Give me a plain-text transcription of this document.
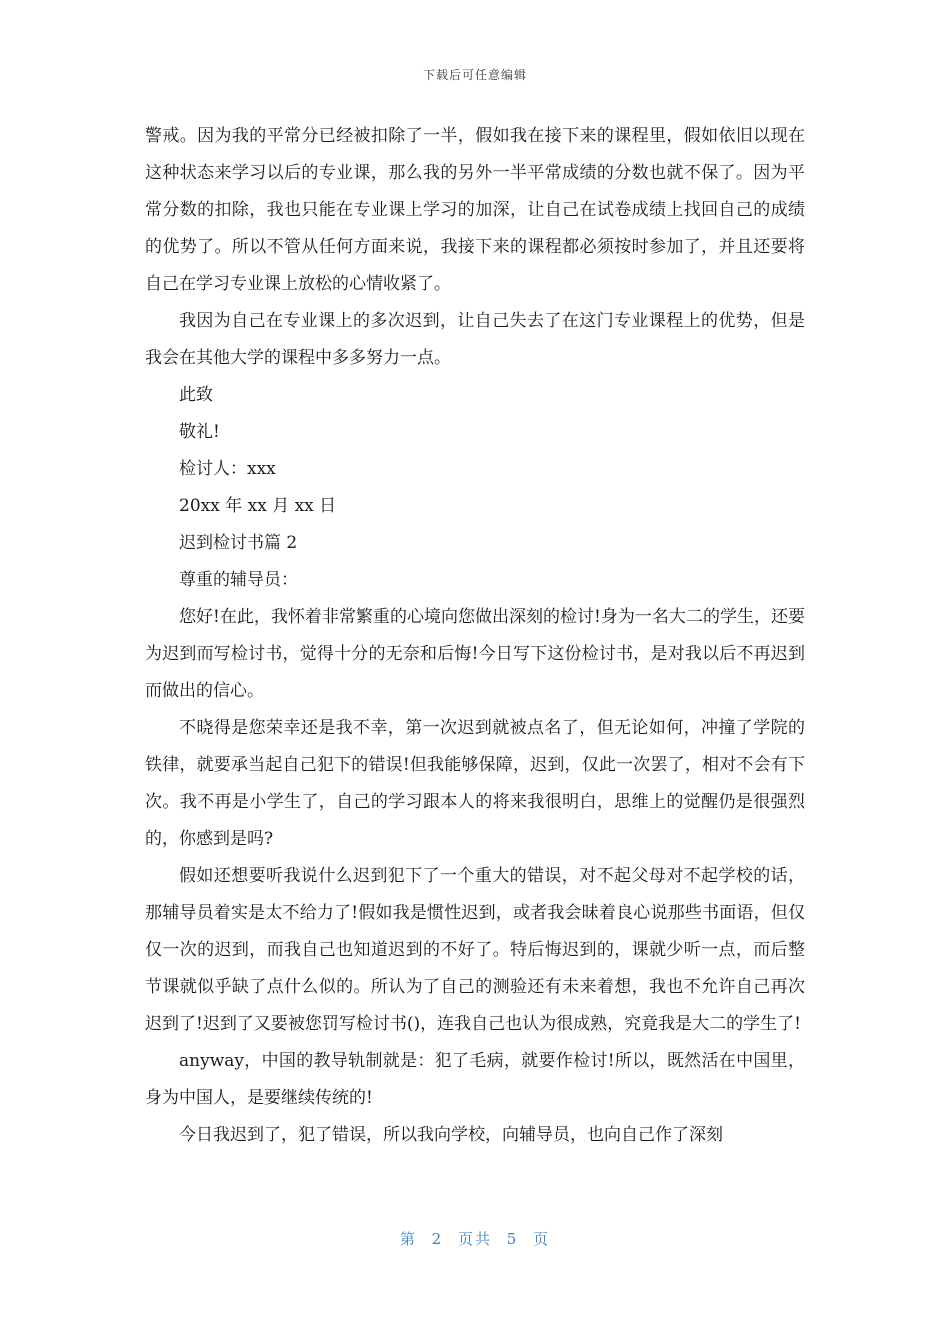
下载后可任意编辑

警戒。因为我的平常分已经被扣除了一半，假如我在接下来的课程里，假如依旧以现在这种状态来学习以后的专业课，那么我的另外一半平常成绩的分数也就不保了。因为平常分数的扣除，我也只能在专业课上学习的加深，让自己在试卷成绩上找回自己的成绩的优势了。所以不管从任何方面来说，我接下来的课程都必须按时参加了，并且还要将自己在学习专业课上放松的心情收紧了。

我因为自己在专业课上的多次迟到，让自己失去了在这门专业课程上的优势，但是我会在其他大学的课程中多多努力一点。

此致

敬礼!

检讨人：xxx

20xx 年 xx 月 xx 日

迟到检讨书篇 2

尊重的辅导员：

您好!在此，我怀着非常繁重的心境向您做出深刻的检讨!身为一名大二的学生，还要为迟到而写检讨书，觉得十分的无奈和后悔!今日写下这份检讨书，是对我以后不再迟到而做出的信心。

不晓得是您荣幸还是我不幸，第一次迟到就被点名了，但无论如何，冲撞了学院的铁律，就要承当起自己犯下的错误!但我能够保障，迟到，仅此一次罢了，相对不会有下次。我不再是小学生了，自己的学习跟本人的将来我很明白，思维上的觉醒仍是很强烈的，你感到是吗?

假如还想要听我说什么迟到犯下了一个重大的错误，对不起父母对不起学校的话，那辅导员着实是太不给力了!假如我是惯性迟到，或者我会昧着良心说那些书面语，但仅仅一次的迟到，而我自己也知道迟到的不好了。特后悔迟到的，课就少听一点，而后整节课就似乎缺了点什么似的。所认为了自己的测验还有未来着想，我也不允许自己再次迟到了!迟到了又要被您罚写检讨书()，连我自己也认为很成熟，究竟我是大二的学生了!

anyway，中国的教导轨制就是：犯了毛病，就要作检讨!所以，既然活在中国里，身为中国人，是要继续传统的!

今日我迟到了，犯了错误，所以我向学校，向辅导员，也向自己作了深刻

第 2 页共 5 页
